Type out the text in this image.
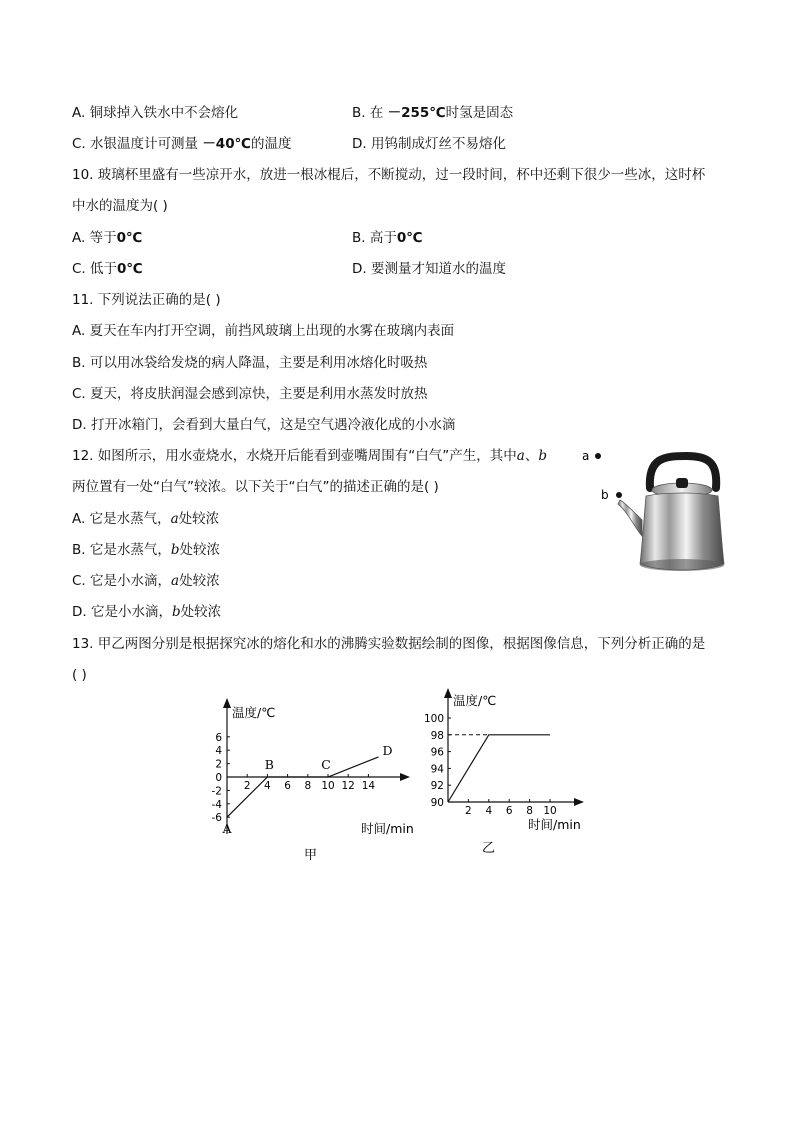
A. 铜球掉入铁水中不会熔化	B. 在 －255℃时氢是固态
C. 水银温度计可测量 －40℃的温度	D. 用钨制成灯丝不易熔化
10. 玻璃杯里盛有一些凉开水，放进一根冰棍后，不断搅动，过一段时间，杯中还剩下很少一些冰，这时杯
中水的温度为( )
A. 等于0℃	B. 高于0℃
C. 低于0℃	D. 要测量才知道水的温度
11. 下列说法正确的是( )
A. 夏天在车内打开空调，前挡风玻璃上出现的水雾在玻璃内表面
B. 可以用冰袋给发烧的病人降温，主要是利用冰熔化时吸热
C. 夏天，将皮肤润湿会感到凉快，主要是利用水蒸发时放热
D. 打开冰箱门，会看到大量白气，这是空气遇冷液化成的小水滴
12. 如图所示，用水壶烧水，水烧开后能看到壶嘴周围有“白气”产生，其中a、b
两位置有一处“白气”较浓。以下关于“白气”的描述正确的是( )
A. 它是水蒸气，a处较浓
B. 它是水蒸气，b处较浓
C. 它是小水滴，a处较浓
D. 它是小水滴，b处较浓
a
b
13. 甲乙两图分别是根据探究冰的熔化和水的沸腾实验数据绘制的图像，根据图像信息，下列分析正确的是
( )
温度/℃
时间/min
2 4 6 8 10 12 14
6
4
2
0
-2
-4
-6
A
B	C
D
甲
温度/℃
时间/min
2 4 6 8 10
100
98
96
94
92
90
乙
